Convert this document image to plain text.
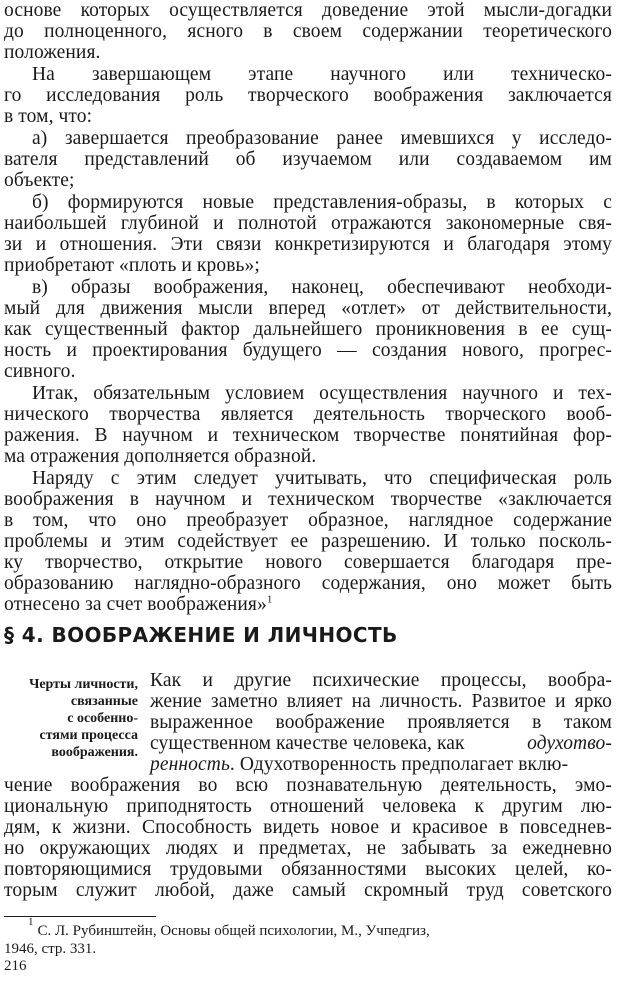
основе которых осуществляется доведение этой мысли-догадки
до полноценного, ясного в своем содержании теоретического
положения.
На завершающем этапе научного или техническо-
го исследования роль творческого воображения заключается
в том, что:
а) завершается преобразование ранее имевшихся у исследо-
вателя представлений об изучаемом или создаваемом им
объекте;
б) формируются новые представления-образы, в которых с
наибольшей глубиной и полнотой отражаются закономерные свя-
зи и отношения. Эти связи конкретизируются и благодаря этому
приобретают «плоть и кровь»;
в) образы воображения, наконец, обеспечивают необходи-
мый для движения мысли вперед «отлет» от действительности,
как существенный фактор дальнейшего проникновения в ее сущ-
ность и проектирования будущего — создания нового, прогрес-
сивного.
Итак, обязательным условием осуществления научного и тех-
нического творчества является деятельность творческого вооб-
ражения. В научном и техническом творчестве понятийная фор-
ма отражения дополняется образной.
Наряду с этим следует учитывать, что специфическая роль
воображения в научном и техническом творчестве «заключается
в том, что оно преобразует образное, наглядное содержание
проблемы и этим содействует ее разрешению. И только посколь-
ку творчество, открытие нового совершается благодаря пре-
образованию наглядно-образного содержания, оно может быть
отнесено за счет воображения»$^1$
§ 4. ВООБРАЖЕНИЕ И ЛИЧНОСТЬ
Черты личности,
связанные
с особенно-
стями процесса
воображения.
Как и другие психические процессы, вообра-
жение заметно влияет на личность. Развитое и ярко
выраженное воображение проявляется в таком
существенном качестве человека, как	одухотво-
ренность. Одухотворенность предполагает вклю-
чение воображения во всю познавательную деятельность, эмо-
циональную приподнятость отношений человека к другим лю-
дям, к жизни. Способность видеть новое и красивое в повседнев-
но окружающих людях и предметах, не забывать за ежедневно
повторяющимися трудовыми обязанностями высоких целей, ко-
торым служит любой, даже самый скромный труд советского
1
С. Л. Рубинштейн, Основы общей психологии, М., Учпедгиз,
1946, стр. 331.
216
